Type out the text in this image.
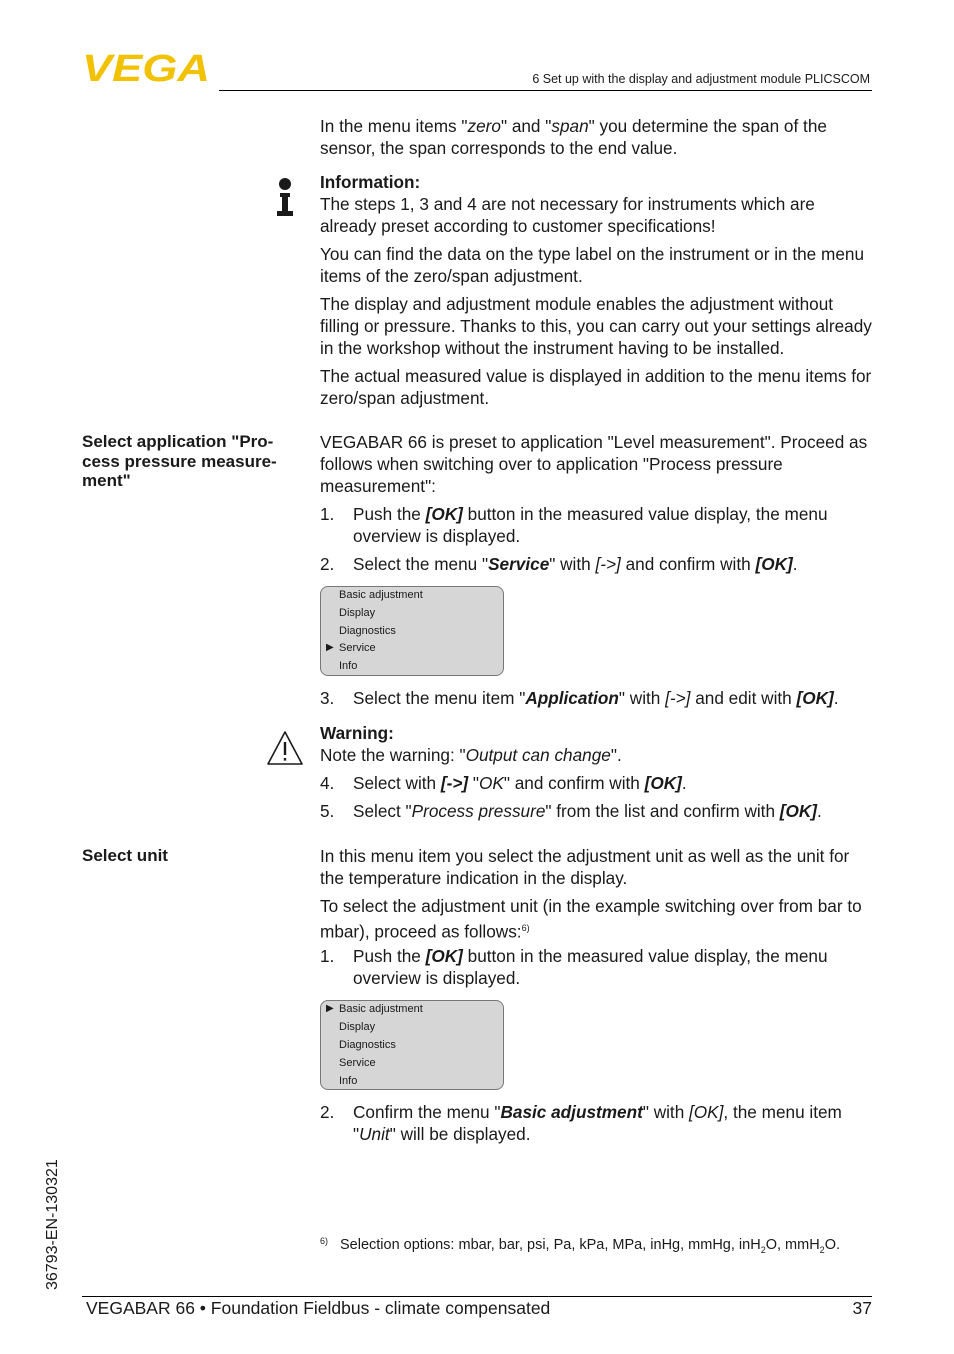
VEGA	6 Set up with the display and adjustment module PLICSCOM

In the menu items "zero" and "span" you determine the span of the sensor, the span corresponds to the end value.

Information:

The steps 1, 3 and 4 are not necessary for instruments which are already preset according to customer specifications!

You can find the data on the type label on the instrument or in the menu items of the zero/span adjustment.

The display and adjustment module enables the adjustment without filling or pressure. Thanks to this, you can carry out your settings already in the workshop without the instrument having to be installed.

The actual measured value is displayed in addition to the menu items for zero/span adjustment.

Select application "Pro-cess pressure measure-ment"

VEGABAR 66 is preset to application "Level measurement". Proceed as follows when switching over to application "Process pressure measurement":

1. Push the [OK] button in the measured value display, the menu overview is displayed.
2. Select the menu "Service" with [->] and confirm with [OK].
▶
Basic adjustment
Display
Diagnostics
Service
Info
3. Select the menu item "Application" with [->] and edit with [OK].

Warning:

Note the warning: "Output can change".

4. Select with [->] "OK" and confirm with [OK].
5. Select "Process pressure" from the list and confirm with [OK].
Select unit	In this menu item you select the adjustment unit as well as the unit for the temperature indication in the display.

To select the adjustment unit (in the example switching over from bar to mbar), proceed as follows:$^{6)}$

1. Push the [OK] button in the measured value display, the menu overview is displayed.
▶ Basic adjustment
Display
Diagnostics
Service
Info
2. Confirm the menu "Basic adjustment" with [OK], the menu item "Unit" will be displayed.
36793-EN-130321	6) Selection options: mbar, bar, psi, Pa, kPa, MPa, inHg, mmHg, inH$_2$O, mmH$_2$O.
VEGABAR 66 • Foundation Fieldbus - climate compensated	37
